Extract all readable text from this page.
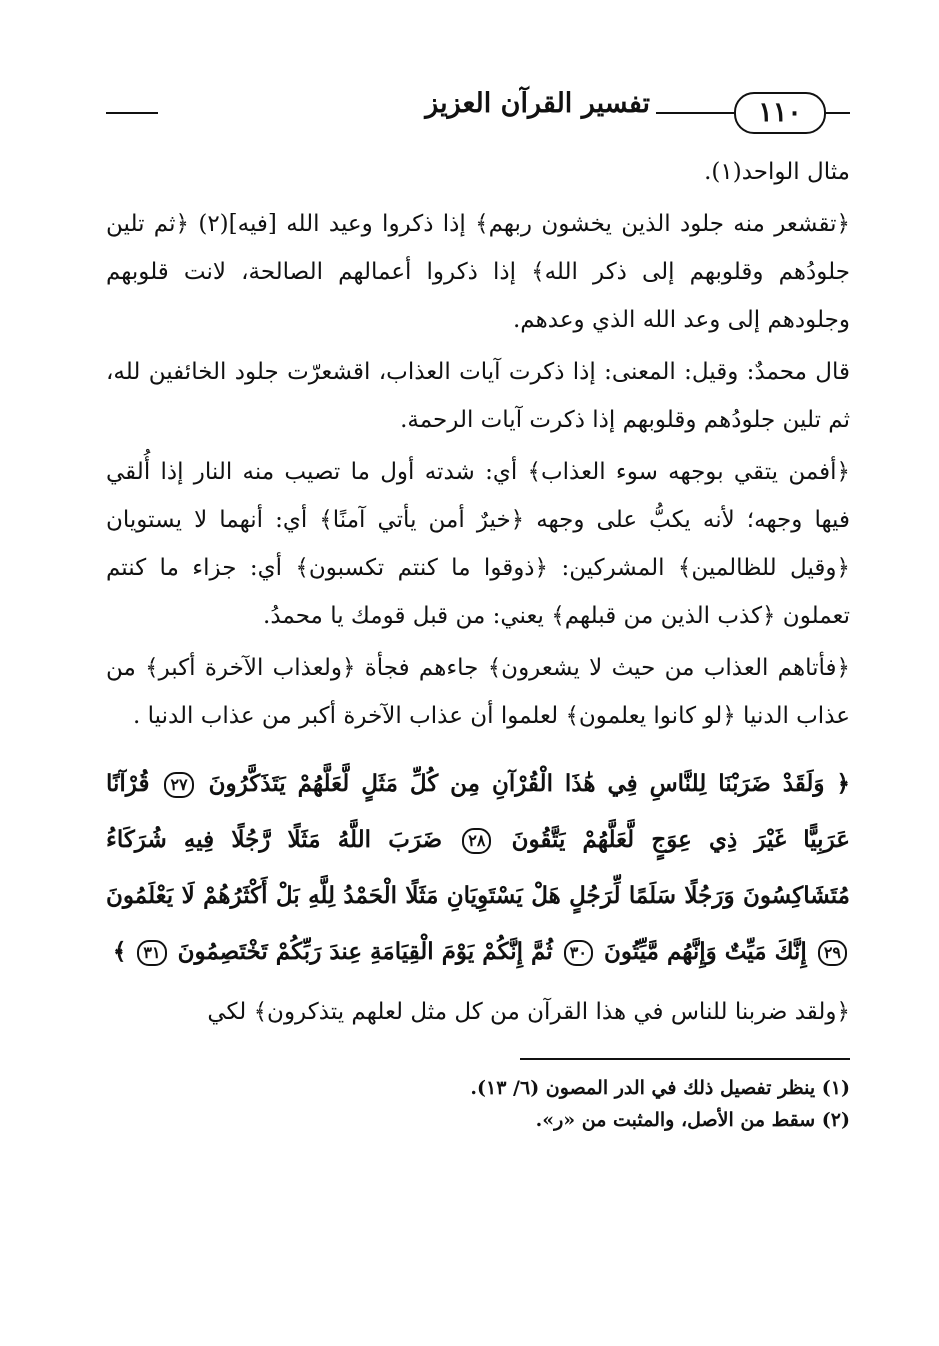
١١٠
تفسير القرآن العزيز

مثال الواحد(١).

﴿تقشعر منه جلود الذين يخشون ربهم﴾ إذا ذكروا وعيد الله [فيه](٢) ﴿ثم تلين جلودُهم وقلوبهم إلى ذكر الله﴾ إذا ذكروا أعمالهم الصالحة، لانت قلوبهم وجلودهم إلى وعد الله الذي وعدهم.

قال محمدٌ: وقيل: المعنى: إذا ذكرت آيات العذاب، اقشعرّت جلود الخائفين لله، ثم تلين جلودُهم وقلوبهم إذا ذكرت آيات الرحمة.

﴿أفمن يتقي بوجهه سوء العذاب﴾ أي: شدته أول ما تصيب منه النار إذا أُلقي فيها وجهه؛ لأنه يكبُّ على وجهه ﴿خيرٌ أمن يأتي آمنًا﴾ أي: أنهما لا يستويان ﴿وقيل للظالمين﴾ المشركين: ﴿ذوقوا ما كنتم تكسبون﴾ أي: جزاء ما كنتم تعملون ﴿كذب الذين من قبلهم﴾ يعني: من قبل قومك يا محمدُ.

﴿فأتاهم العذاب من حيث لا يشعرون﴾ جاءهم فجأة ﴿ولعذاب الآخرة أكبر﴾ من عذاب الدنيا ﴿لو كانوا يعلمون﴾ لعلموا أن عذاب الآخرة أكبر من عذاب الدنيا .

﴿ وَلَقَدْ ضَرَبْنَا لِلنَّاسِ فِي هَٰذَا الْقُرْآنِ مِن كُلِّ مَثَلٍ لَّعَلَّهُمْ يَتَذَكَّرُونَ ٢٧ قُرْآنًا عَرَبِيًّا غَيْرَ ذِي عِوَجٍ لَّعَلَّهُمْ يَتَّقُونَ ٢٨ ضَرَبَ اللَّهُ مَثَلًا رَّجُلًا فِيهِ شُرَكَاءُ مُتَشَاكِسُونَ وَرَجُلًا سَلَمًا لِّرَجُلٍ هَلْ يَسْتَوِيَانِ مَثَلًا الْحَمْدُ لِلَّهِ بَلْ أَكْثَرُهُمْ لَا يَعْلَمُونَ ٢٩ إِنَّكَ مَيِّتٌ وَإِنَّهُم مَّيِّتُونَ ٣٠ ثُمَّ إِنَّكُمْ يَوْمَ الْقِيَامَةِ عِندَ رَبِّكُمْ تَخْتَصِمُونَ ٣١ ﴾

﴿ولقد ضربنا للناس في هذا القرآن من كل مثل لعلهم يتذكرون﴾ لكي

(١) ينظر تفصيل ذلك في الدر المصون (٦/ ١٣).

(٢) سقط من الأصل، والمثبت من «ر».
